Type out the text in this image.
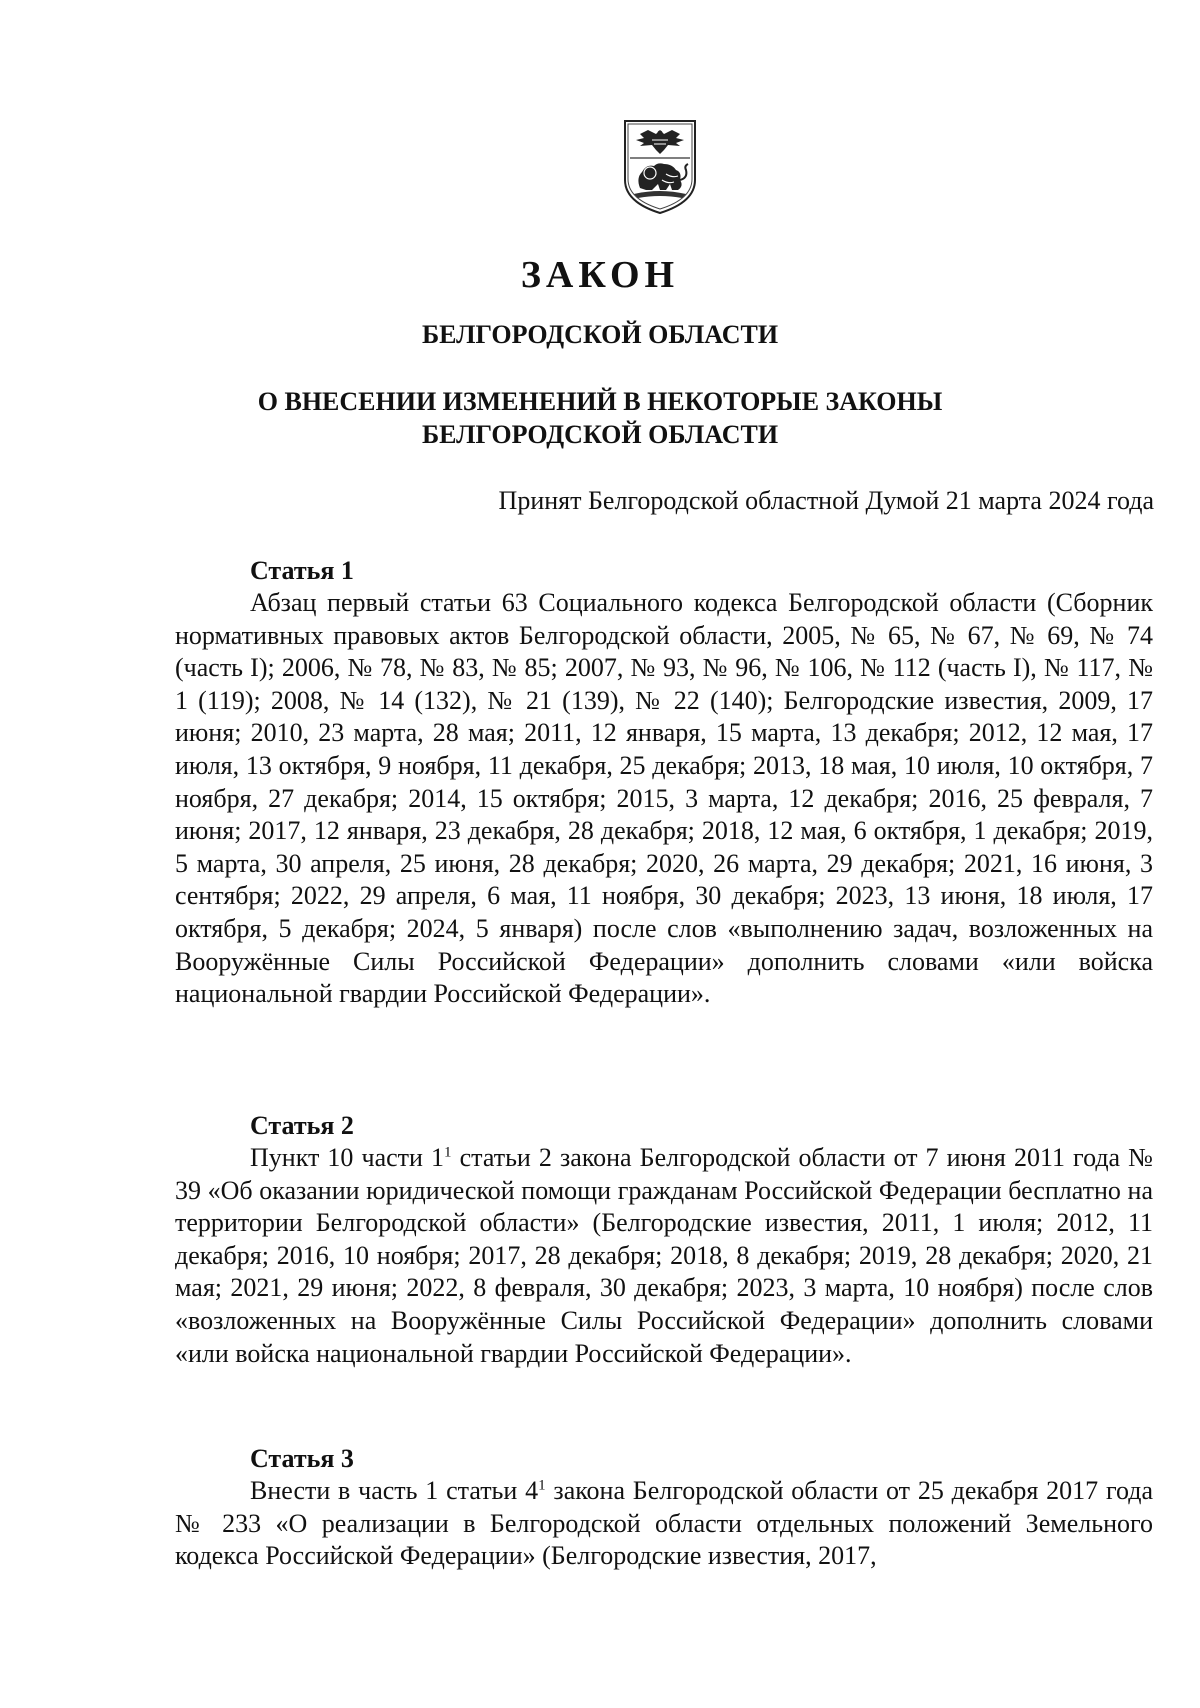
ЗАКОН
БЕЛГОРОДСКОЙ ОБЛАСТИ
О ВНЕСЕНИИ ИЗМЕНЕНИЙ В НЕКОТОРЫЕ ЗАКОНЫ
БЕЛГОРОДСКОЙ ОБЛАСТИ
Принят Белгородской областной Думой 21 марта 2024 года
Статья 1

Абзац первый статьи 63 Социального кодекса Белгородской области (Сборник нормативных правовых актов Белгородской области, 2005, № 65, № 67, № 69, № 74 (часть I); 2006, № 78, № 83, № 85; 2007, № 93, № 96, № 106, № 112 (часть I), № 117, № 1 (119); 2008, № 14 (132), № 21 (139), № 22 (140); Белгородские известия, 2009, 17 июня; 2010, 23 марта, 28 мая; 2011, 12 января, 15 марта, 13 декабря; 2012, 12 мая, 17 июля, 13 октября, 9 ноября, 11 декабря, 25 декабря; 2013, 18 мая, 10 июля, 10 октября, 7 ноября, 27 декабря; 2014, 15 октября; 2015, 3 марта, 12 декабря; 2016, 25 февраля, 7 июня; 2017, 12 января, 23 декабря, 28 декабря; 2018, 12 мая, 6 октября, 1 декабря; 2019, 5 марта, 30 апреля, 25 июня, 28 декабря; 2020, 26 марта, 29 декабря; 2021, 16 июня, 3 сентября; 2022, 29 апреля, 6 мая, 11 ноября, 30 декабря; 2023, 13 июня, 18 июля, 17 октября, 5 декабря; 2024, 5 января) после слов «выполнению задач, возложенных на Вооружённые Силы Российской Федерации» дополнить словами «или войска национальной гвардии Российской Федерации».

Статья 2

Пункт 10 части $1^1$ статьи 2 закона Белгородской области от 7 июня 2011 года № 39 «Об оказании юридической помощи гражданам Российской Федерации бесплатно на территории Белгородской области» (Белгородские известия, 2011, 1 июля; 2012, 11 декабря; 2016, 10 ноября; 2017, 28 декабря; 2018, 8 декабря; 2019, 28 декабря; 2020, 21 мая; 2021, 29 июня; 2022, 8 февраля, 30 декабря; 2023, 3 марта, 10 ноября) после слов «возложенных на Вооружённые Силы Российской Федерации» дополнить словами «или войска национальной гвардии Российской Федерации».

Статья 3

Внести в часть 1 статьи $4^1$ закона Белгородской области от 25 декабря 2017 года № 233 «О реализации в Белгородской области отдельных положений Земельного кодекса Российской Федерации» (Белгородские известия, 2017,
